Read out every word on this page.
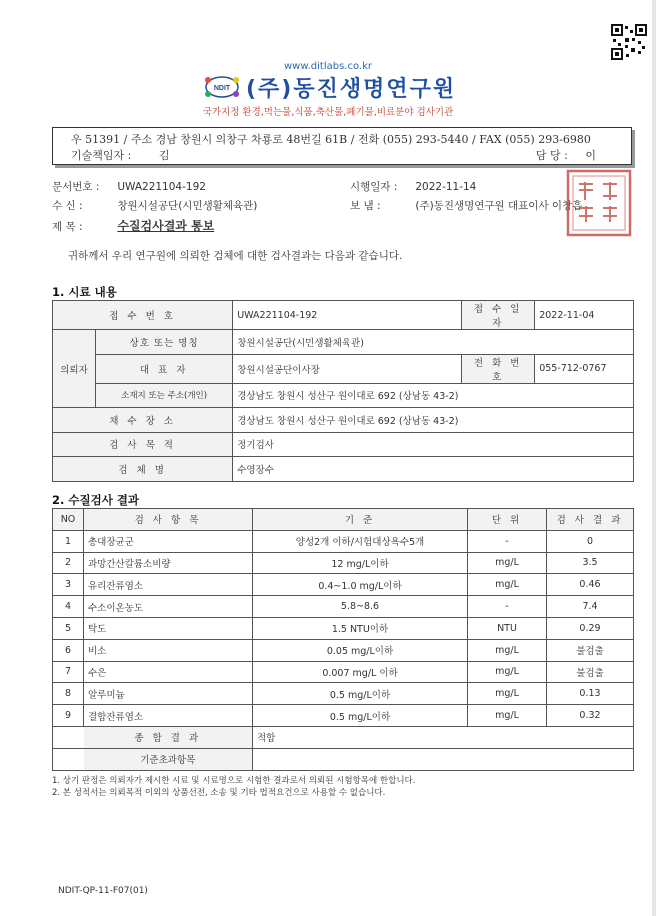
www.ditlabs.co.kr
NDIT (주)동진생명연구원
국가지정 환경,먹는물,식품,축산물,폐기물,비료분야 검사기관
우 51391 / 주소 경남 창원시 의창구 차룡로 48번길 61B / 전화 (055) 293-5440 / FAX (055) 293-6980
기술책임자 :	김	담 당 : 이
문서번호 : UWA221104-192	시행일자 : 2022-11-14
수 신 :	창원시설공단(시민생활체육관)	보 냄 :	(주)동진생명연구원 대표이사 이창흡
제 목 :	수질검사결과 통보
귀하께서 우리 연구원에 의뢰한 검체에 대한 검사결과는 다음과 같습니다.
1. 시료 내용
접 수 번 호		UWA221104-192	접 수 일 자	2022-11-04
의뢰자	상호 또는 명칭	창원시설공단(시민생활체육관)		
	대 표 자	창원시설공단이사장	전 화 번 호	055-712-0767
	소재지 또는 주소(개인)	경상남도 창원시 성산구 원이대로 692 (상남동 43-2)		
채 수 장 소		경상남도 창원시 성산구 원이대로 692 (상남동 43-2)		
검 사 목 적		정기검사		
검 체 명		수영장수		
2. 수질검사 결과
NO	검 사 항 목	기 준	단 위	검 사 결 과
1	총대장균군	양성2개 이하/시험대상욕수5개	-	0
2	과망간산칼륨소비량	12 mg/L이하	mg/L	3.5
3	유리잔류염소	0.4~1.0 mg/L이하	mg/L	0.46
4	수소이온농도	5.8~8.6	-	7.4
5	탁도	1.5 NTU이하	NTU	0.29
6	비소	0.05 mg/L이하	mg/L	불검출
7	수은	0.007 mg/L 이하	mg/L	불검출
8	알루미늄	0.5 mg/L이하	mg/L	0.13
9	결합잔류염소	0.5 mg/L이하	mg/L	0.32
	종 합 결 과	적합		
	기준초과항목			
1. 상기 판정은 의뢰자가 제시한 시료 및 시료명으로 시험한 결과로서 의뢰된 시험항목에 한합니다.
2. 본 성적서는 의뢰목적 이외의 상품선전, 소송 및 기타 법적요건으로 사용할 수 없습니다.
NDIT-QP-11-F07(01)
